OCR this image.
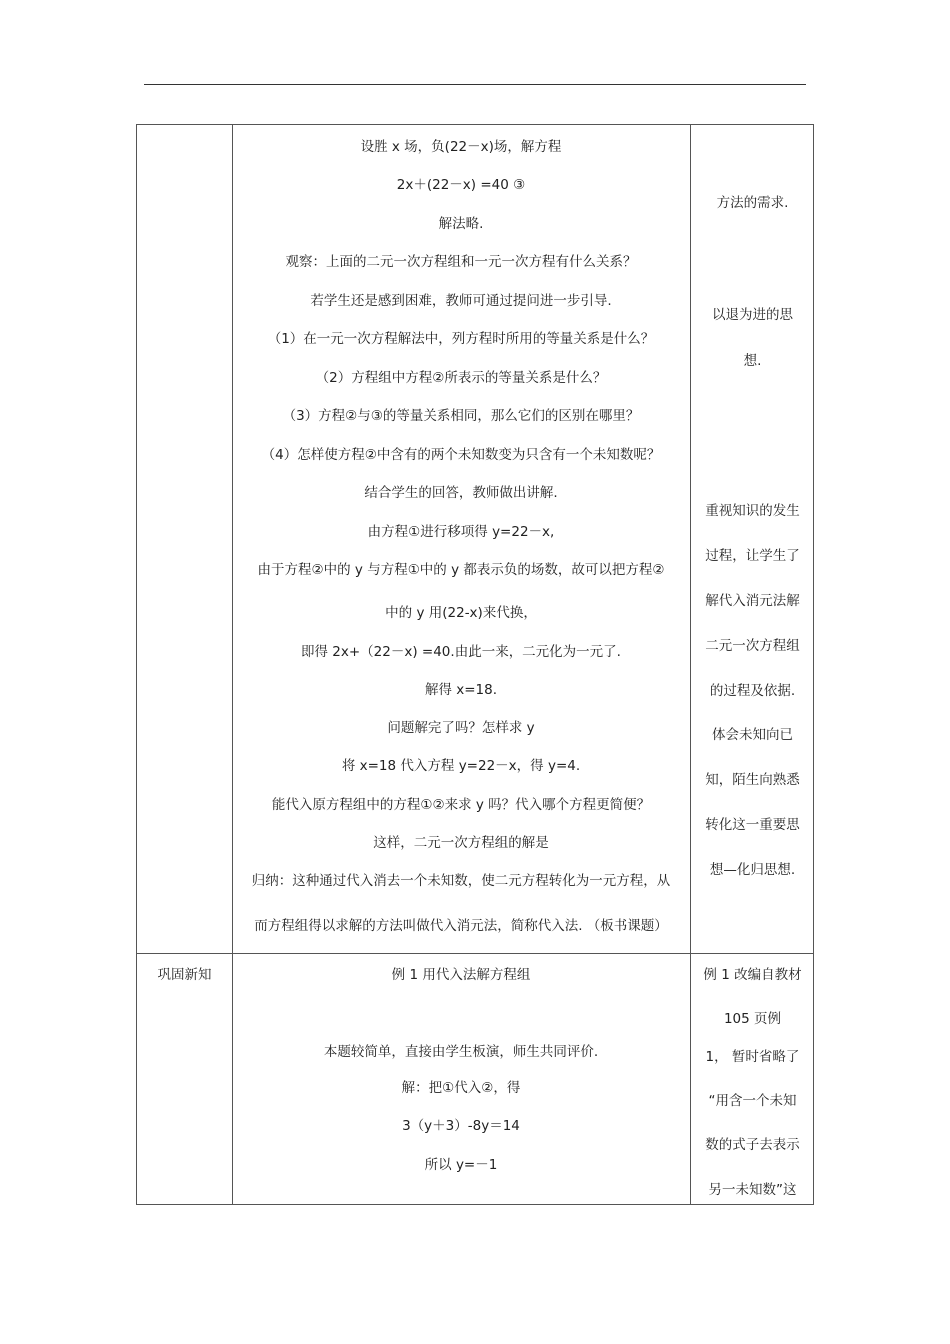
设胜 x 场，负(22－x)场，解方程
2x＋(22－x) =40 ③
解法略.
观察：上面的二元一次方程组和一元一次方程有什么关系？
若学生还是感到困难，教师可通过提问进一步引导.
（1）在一元一次方程解法中，列方程时所用的等量关系是什么？
（2）方程组中方程②所表示的等量关系是什么？
（3）方程②与③的等量关系相同，那么它们的区别在哪里？
（4）怎样使方程②中含有的两个未知数变为只含有一个未知数呢？
结合学生的回答，教师做出讲解.
由方程①进行移项得 y=22－x,
由于方程②中的 y 与方程①中的 y 都表示负的场数，故可以把方程②
中的 y 用(22-x)来代换，
即得 2x+（22－x) =40.由此一来，二元化为一元了.
解得 x=18.
问题解完了吗？怎样求 y
将 x=18 代入方程 y=22－x，得 y=4.
能代入原方程组中的方程①②来求 y 吗？代入哪个方程更简便？
这样，二元一次方程组的解是
归纳：这种通过代入消去一个未知数，使二元方程转化为一元方程，从
而方程组得以求解的方法叫做代入消元法，简称代入法. （板书课题）
方法的需求.
以退为进的思
想.
重视知识的发生
过程，让学生了
解代入消元法解
二元一次方程组
的过程及依据.
体会未知向已
知，陌生向熟悉
转化这一重要思
想—化归思想.
巩固新知	例 1 用代入法解方程组
本题较简单，直接由学生板演，师生共同评价.
解：把①代入②，得
3（y＋3）-8y＝14
所以 y=－1
例 1 改编自教材
105 页例
1， 暂时省略了
“用含一个未知
数的式子去表示
另一未知数”这
